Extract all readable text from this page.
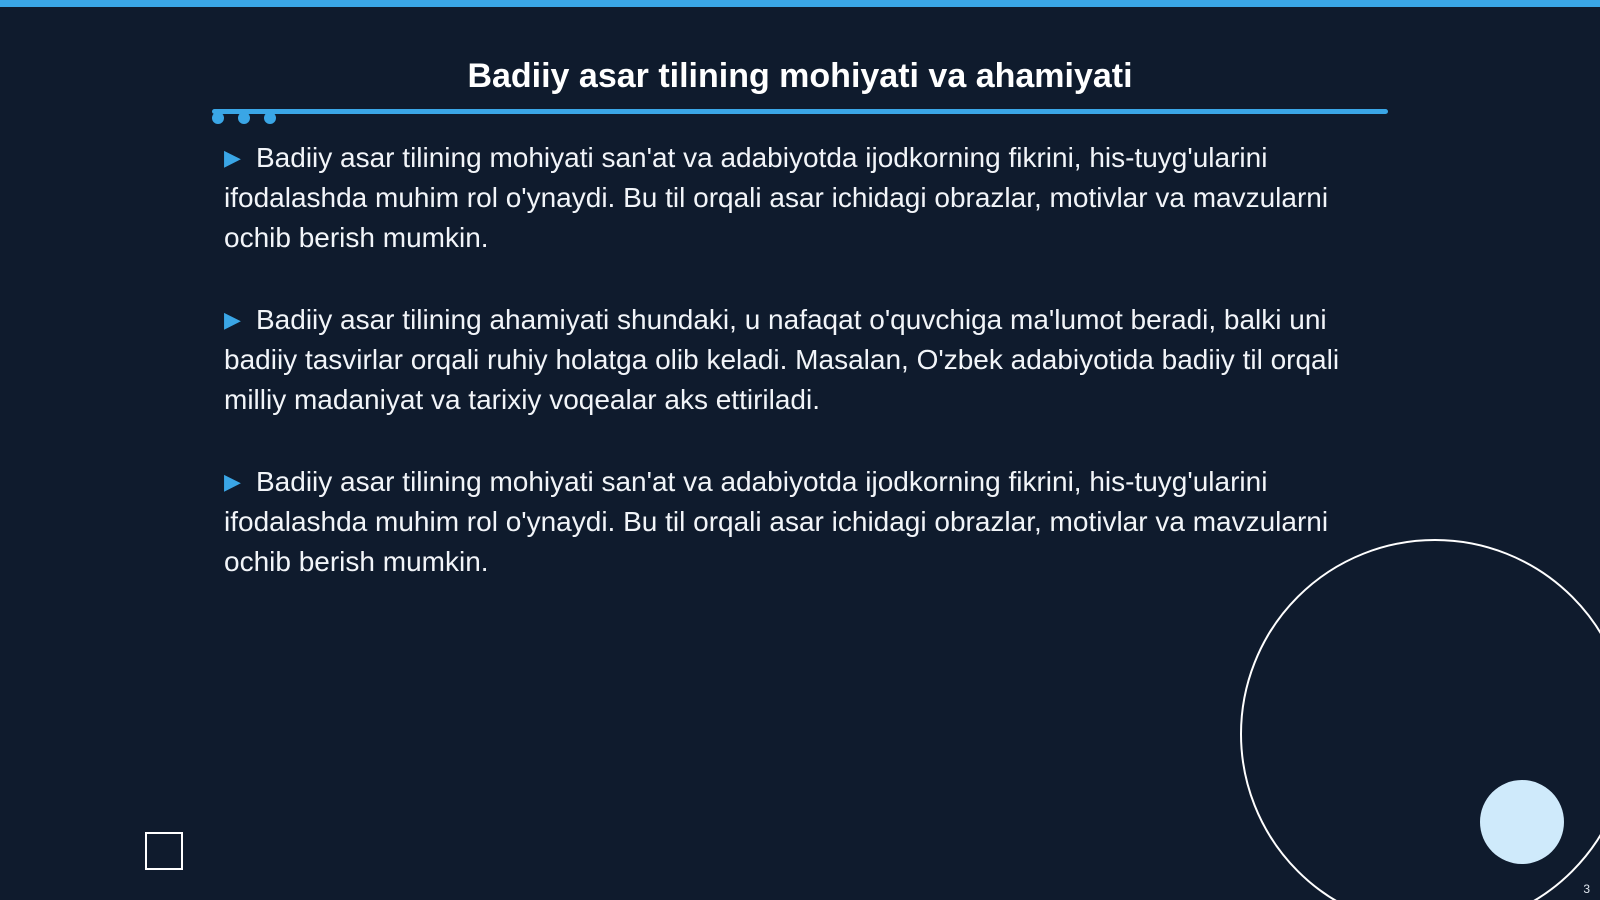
Badiiy asar tilining mohiyati va ahamiyati

▶ Badiiy asar tilining mohiyati san'at va adabiyotda ijodkorning fikrini, his-tuyg'ularini ifodalashda muhim rol o'ynaydi. Bu til orqali asar ichidagi obrazlar, motivlar va mavzularni ochib berish mumkin.

▶ Badiiy asar tilining ahamiyati shundaki, u nafaqat o'quvchiga ma'lumot beradi, balki uni badiiy tasvirlar orqali ruhiy holatga olib keladi. Masalan, O'zbek adabiyotida badiiy til orqali milliy madaniyat va tarixiy voqealar aks ettiriladi.

▶ Badiiy asar tilining mohiyati san'at va adabiyotda ijodkorning fikrini, his-tuyg'ularini ifodalashda muhim rol o'ynaydi. Bu til orqali asar ichidagi obrazlar, motivlar va mavzularni ochib berish mumkin.

3
